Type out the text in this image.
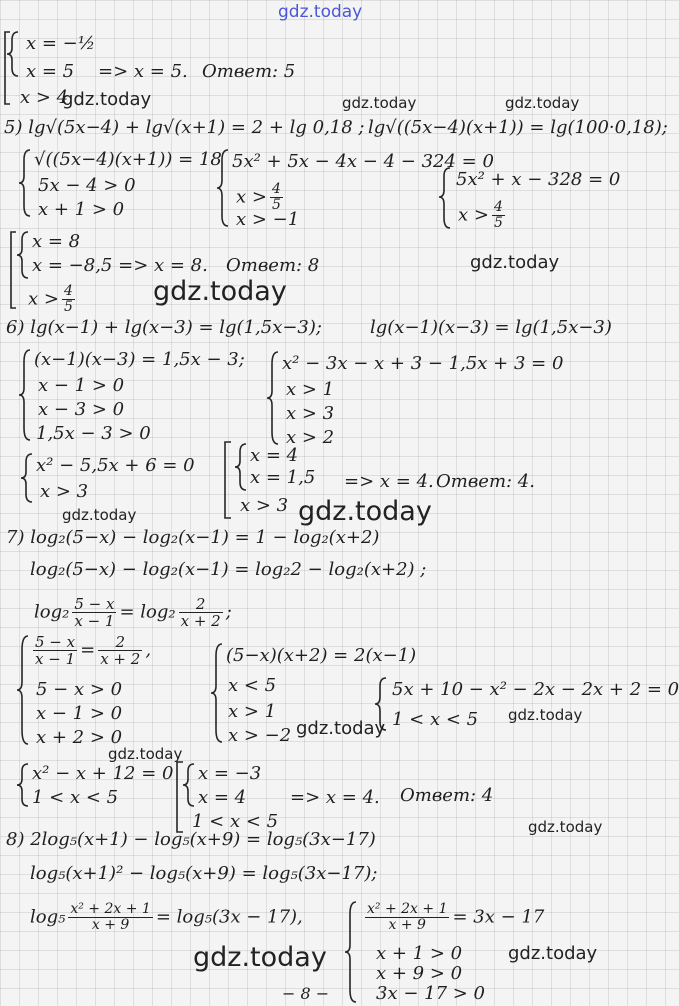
gdz.today
gdz.today	gdz.today	gdz.today
gdz.today
gdz.today
gdz.today	gdz.today
gdz.today
gdz.today
gdz.today
gdz.today
gdz.today
gdz.today
x = −½
x = 5 => x = 5. Ответ: 5
x > 4
5) lg√(5x−4) + lg√(x+1) = 2 + lg 0,18 ; lg√((5x−4)(x+1)) = lg(100·0,18);
√((5x−4)(x+1)) = 18
5x − 4 > 0
x + 1 > 0
5x² + 5x − 4x − 4 − 324 = 0
$x > \frac{4}{5}$
x > −1
5x² + x − 328 = 0
$x > \frac{4}{5}$
x = 8
x = −8,5 => x = 8. Ответ: 8
$x > \frac{4}{5}$
6) lg(x−1) + lg(x−3) = lg(1,5x−3);	lg(x−1)(x−3) = lg(1,5x−3)
(x−1)(x−3) = 1,5x − 3;
x − 1 > 0
x − 3 > 0
1,5x − 3 > 0
x² − 3x − x + 3 − 1,5x + 3 = 0
x > 1
x > 3
x > 2
x² − 5,5x + 6 = 0
x > 3
x = 4
x = 1,5 => x = 4. Ответ: 4.
x > 3
7) log₂(5−x) − log₂(x−1) = 1 − log₂(x+2)
log₂(5−x) − log₂(x−1) = log₂2 − log₂(x+2) ;
$\log_2 \frac{5 - x}{x - 1} = \log_2 \frac{2}{x + 2}$ ;
$\frac{5 - x}{x - 1} = \frac{2}{x + 2}$ ,
5 − x > 0
x − 1 > 0
x + 2 > 0
(5−x)(x+2) = 2(x−1)
x < 5
x > 1
x > −2
5x + 10 − x² − 2x − 2x + 2 = 0
1 < x < 5
x² − x + 12 = 0
1 < x < 5
x = −3
x = 4 => x = 4. Ответ: 4
1 < x < 5
8) 2log₅(x+1) − log₅(x+9) = log₅(3x−17)
log₅(x+1)² − log₅(x+9) = log₅(3x−17);
$\log_5 \frac{\text{x² + 2x + 1}}{x + 9} = \log_5(3x - 17)$,	$\frac{\text{x² + 2x + 1}}{x + 9} = 3x - 17$
x + 1 > 0
x + 9 > 0
3x − 17 > 0
− 8 −
